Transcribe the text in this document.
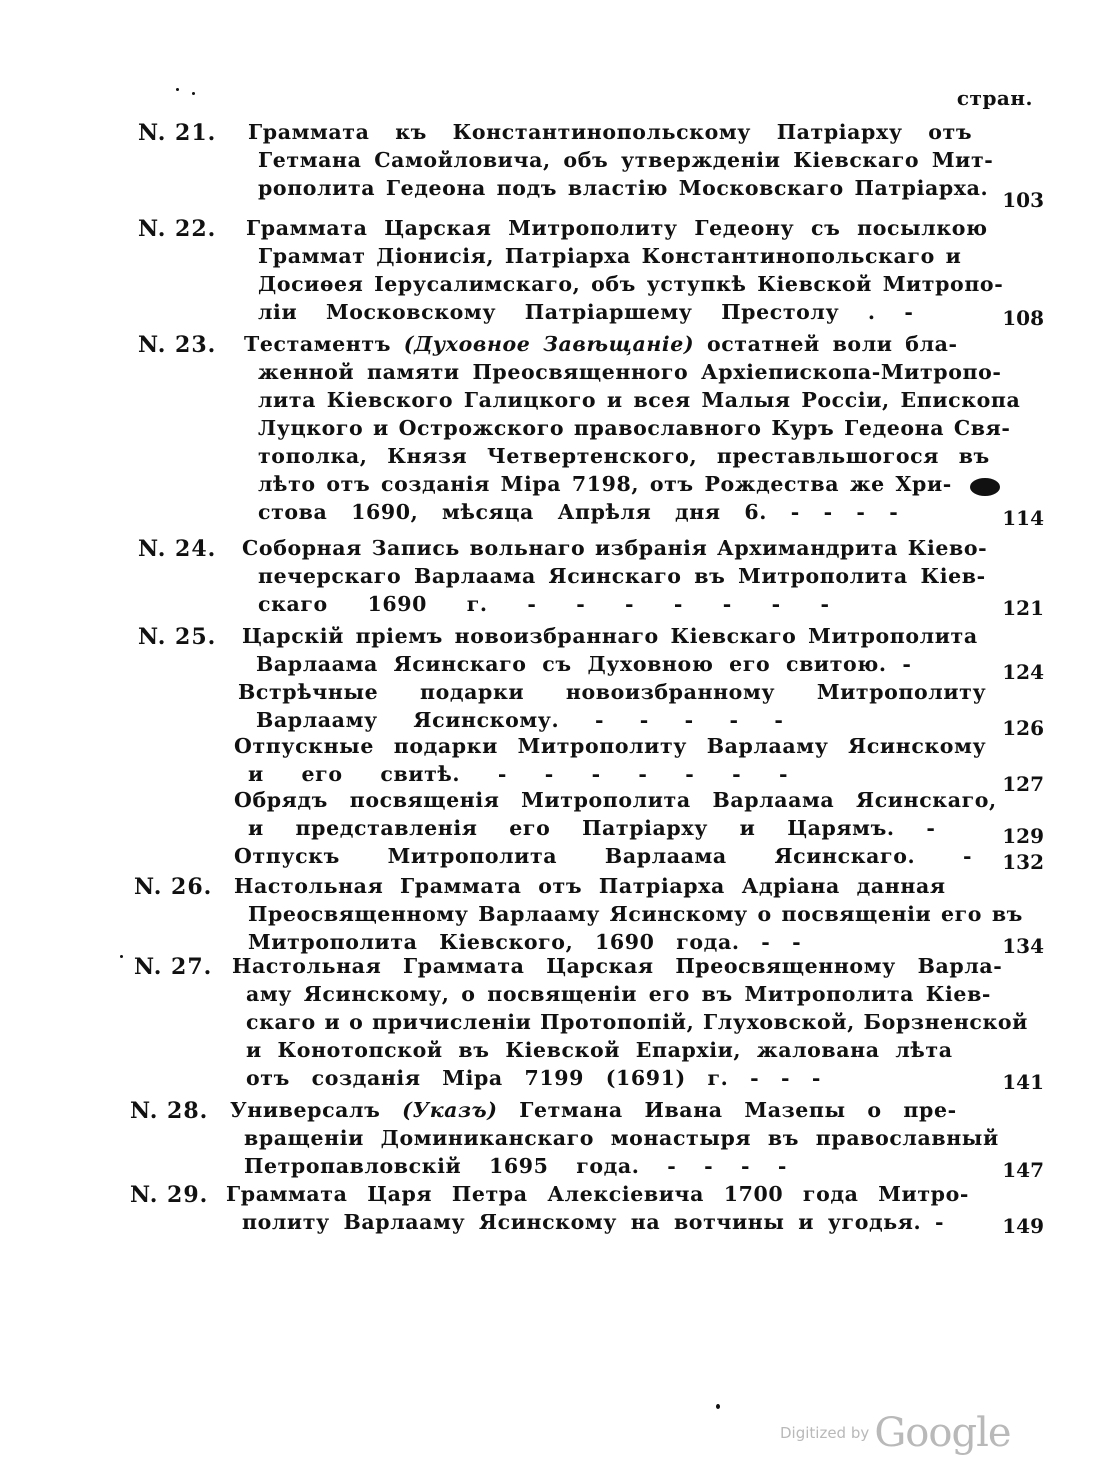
стран.
N. 21. Граммата къ Константинопольскому Патріарху отъ
Гетмана Самойловича, объ утвержденіи Кіевскаго Мит-
рополита Гедеона подъ властію Московскаго Патріарха. 103
N. 22. Граммата Царская Митрополиту Гедеону съ посылкою
Граммат Діонисія, Патріарха Константинопольскаго и
Досиѳея Іерусалимскаго, объ уступкѣ Кіевской Митропо-
ліи Московскому Патріаршему Престолу . -	108
N. 23. Тестаментъ (Духовное Завѣщаніе) остатней воли бла-
женной памяти Преосвященного Архіепископа-Митропо-
лита Кіевского Галицкого и всея Малыя Россіи, Епископа
Луцкого и Острожского православного Кyръ Гедеона Свя-
тополка, Князя Четвертенского, преставльшогося въ
лѣто отъ созданія Міра 7198, отъ Рождества же Хри-
стова 1690, мѣсяца Апрѣля дня 6. - - - -	114
N. 24. Соборная Запись вольнаго избранія Архимандрита Кіево-
печерскаго Варлаама Ясинскаго въ Митрополита Кіев-
скаго 1690 г. - - - - - - -	121
N. 25. Царскій пріемъ новоизбраннаго Кіевскаго Митрополита
Варлаама Ясинскаго съ Духовною его свитою. -	124
Встрѣчные подарки новоизбранному Митрополиту
Варлааму Ясинскому. - - - - -	126
Отпускные подарки Митрополиту Варлааму Ясинскому
и его свитѣ. - - - - - - -	127
Обрядъ посвященія Митрополита Варлаама Ясинскаго,
и представленія его Патріарху и Царямъ. -	129
Отпускъ Митрополита Варлаама Ясинскаго. - 132
N. 26. Настольная Граммата отъ Патріарха Адріана данная
Преосвященному Варлааму Ясинскому о посвященіи его въ
Митрополита Кіевского, 1690 года. - -	134
N. 27. Настольная Граммата Царская Преосвященному Варла-
аму Ясинскому, о посвященіи его въ Митрополита Кіев-
скаго и о причисленіи Протопопій, Глуховской, Борзненской
и Конотопской въ Кіевской Епархіи, жалована лѣта
отъ созданія Міра 7199 (1691) г. - - -	141
N. 28. Универсалъ (Указъ) Гетмана Ивана Мазепы о пре-
вращеніи Доминиканскаго монастыря въ православный
Петропавловскій 1695 года. - - - -	147
N. 29. Граммата Царя Петра Алексіевича 1700 года Митро-
политу Варлааму Ясинскому на вотчины и угодья. -	149
Digitized by Google
